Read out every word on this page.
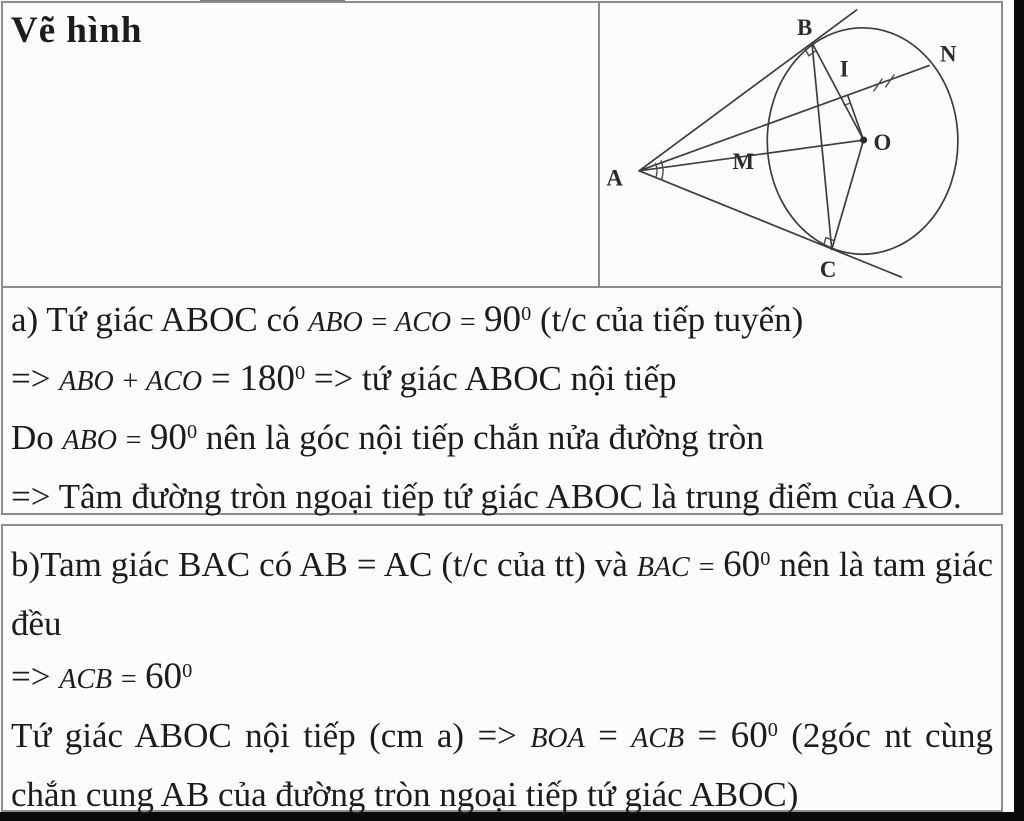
Vẽ hình
A
B
C
M
O
I
N
a) Tứ giác ABOC có ABO = ACO = $90^0$ (t/c của tiếp tuyến)
=> ABO + ACO = $180^0$ => tứ giác ABOC nội tiếp
Do ABO = $90^0$ nên là góc nội tiếp chắn nửa đường tròn
=> Tâm đường tròn ngoại tiếp tứ giác ABOC là trung điểm của AO.
b)Tam giác BAC có AB = AC (t/c của tt) và BAC = $60^0$ nên là tam giác
đều
=> ACB = $60^0$
Tứ giác ABOC nội tiếp (cm a) => BOA = ACB = $60^0$ (2góc nt cùng
chắn cung AB của đường tròn ngoại tiếp tứ giác ABOC)
